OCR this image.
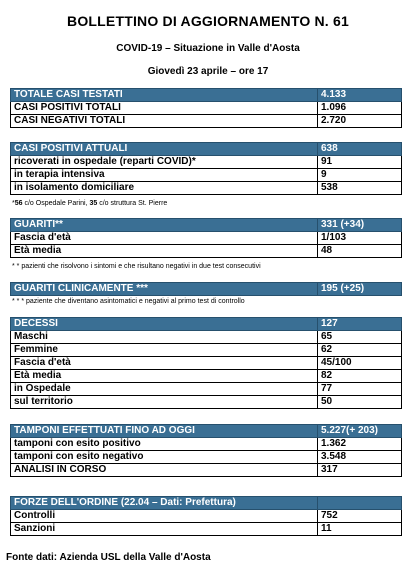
BOLLETTINO DI AGGIORNAMENTO N. 61
COVID-19 – Situazione in Valle d'Aosta
Giovedì 23 aprile – ore 17
TOTALE CASI TESTATI	4.133
CASI POSITIVI TOTALI	1.096
CASI NEGATIVI TOTALI	2.720
CASI POSITIVI ATTUALI	638
ricoverati in ospedale (reparti COVID)*	91
in terapia intensiva	9
in isolamento domiciliare	538
*56 c/o Ospedale Parini, 35 c/o struttura St. Pierre
GUARITI**	331 (+34)
Fascia d'età	1/103
Età media	48
* * pazienti che risolvono i sintomi e che risultano negativi in due test consecutivi
GUARITI CLINICAMENTE ***	195 (+25)
* * * paziente che diventano asintomatici e negativi al primo test di controllo
DECESSI	127
Maschi	65
Femmine	62
Fascia d'età	45/100
Età media	82
in Ospedale	77
sul territorio	50
TAMPONI EFFETTUATI FINO AD OGGI	5.227(+ 203)
tamponi con esito positivo	1.362
tamponi con esito negativo	3.548
ANALISI IN CORSO	317
FORZE DELL'ORDINE (22.04 – Dati: Prefettura)	
Controlli	752
Sanzioni	11
Fonte dati: Azienda USL della Valle d'Aosta
